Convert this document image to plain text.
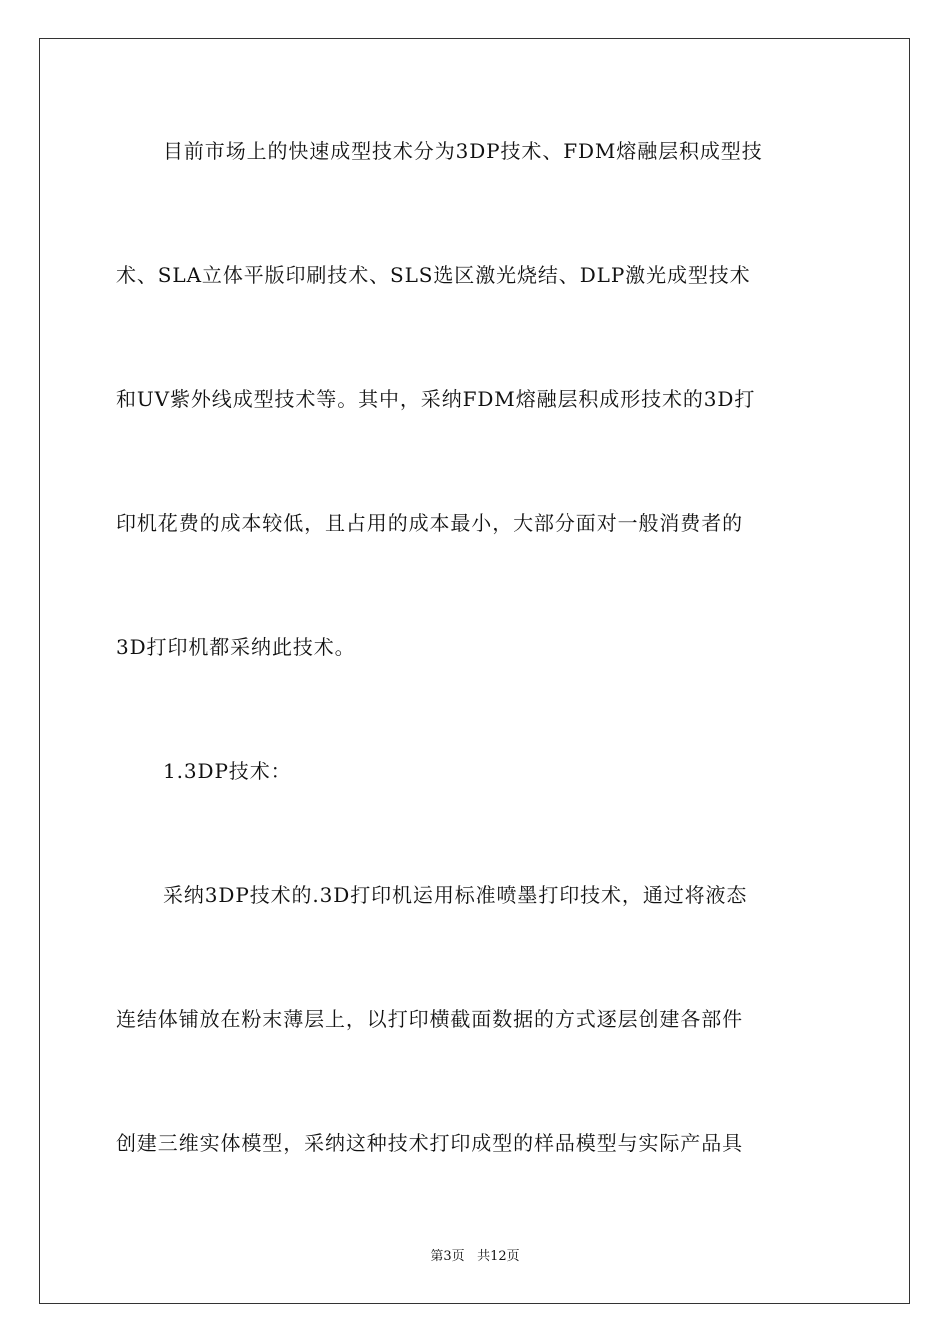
目前市场上的快速成型技术分为3DP技术、FDM熔融层积成型技
术、SLA立体平版印刷技术、SLS选区激光烧结、DLP激光成型技术
和UV紫外线成型技术等。其中，采纳FDM熔融层积成形技术的3D打
印机花费的成本较低，且占用的成本最小，大部分面对一般消费者的
3D打印机都采纳此技术。
1.3DP技术：
采纳3DP技术的.3D打印机运用标准喷墨打印技术，通过将液态
连结体铺放在粉末薄层上，以打印横截面数据的方式逐层创建各部件
创建三维实体模型，采纳这种技术打印成型的样品模型与实际产品具
第3页 共12页
